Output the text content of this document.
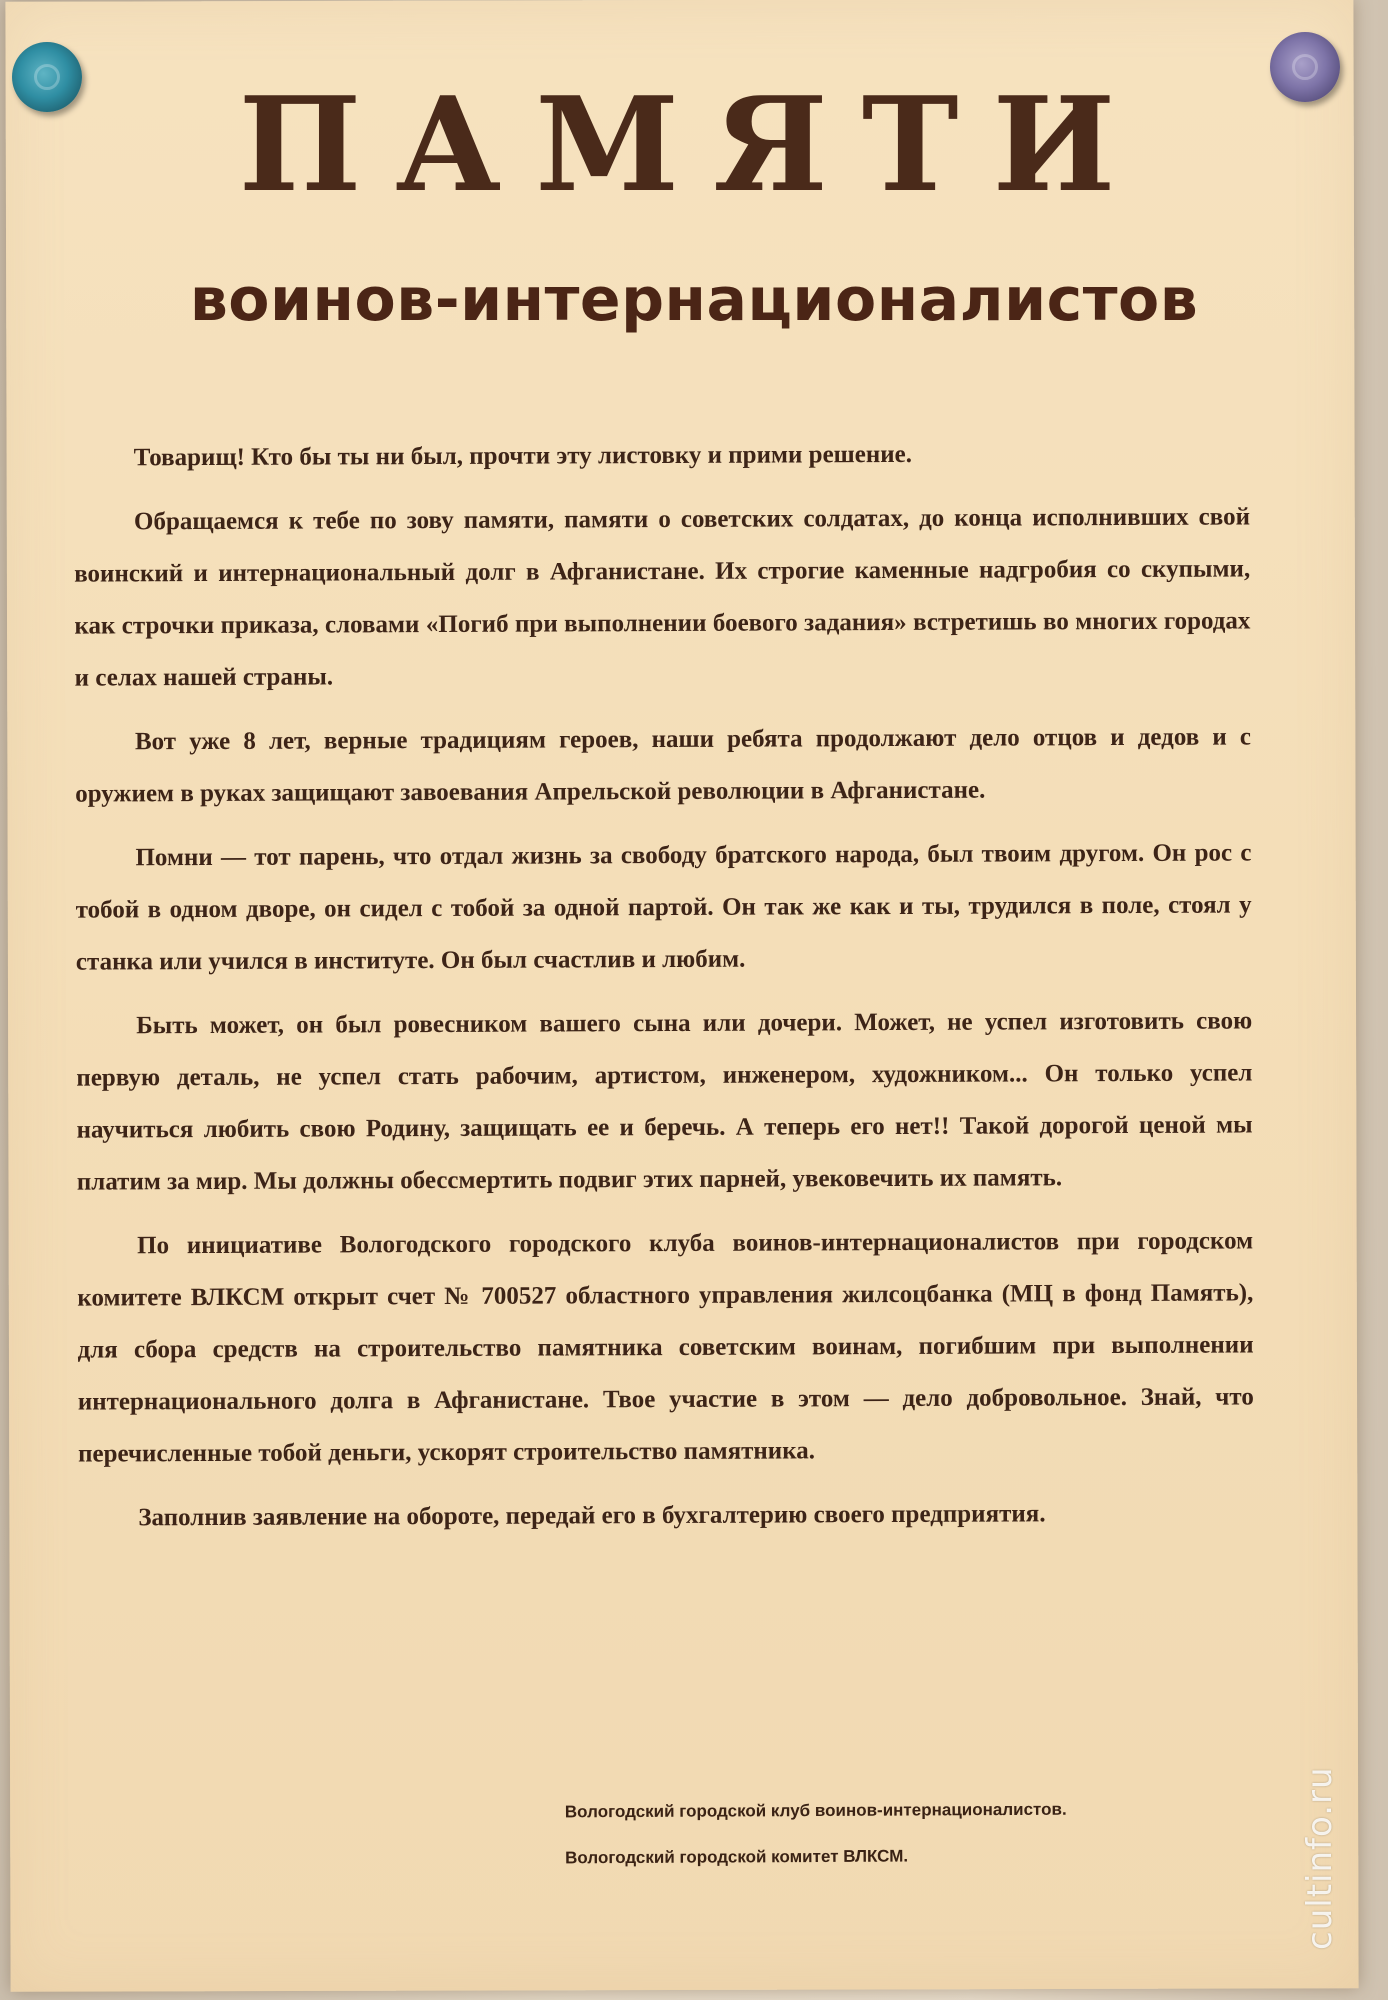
ПАМЯТИ
воинов-интернационалистов

Товарищ! Кто бы ты ни был, прочти эту листовку и прими решение.

Обращаемся к тебе по зову памяти, памяти о советских солдатах, до конца исполнивших свой воинский и интернациональный долг в Афганистане. Их строгие каменные надгробия со скупыми, как строчки приказа, словами «Погиб при выполнении боевого задания» встретишь во многих городах и селах нашей страны.

Вот уже 8 лет, верные традициям героев, наши ребята продолжают дело отцов и дедов и с оружием в руках защищают завоевания Апрельской революции в Афганистане.

Помни — тот парень, что отдал жизнь за свободу братского народа, был твоим другом. Он рос с тобой в одном дворе, он сидел с тобой за одной партой. Он так же как и ты, трудился в поле, стоял у станка или учился в институте. Он был счастлив и любим.

Быть может, он был ровесником вашего сына или дочери. Может, не успел изготовить свою первую деталь, не успел стать рабочим, артистом, инженером, художником... Он только успел научиться любить свою Родину, защищать ее и беречь. А теперь его нет!! Такой дорогой ценой мы платим за мир. Мы должны обессмертить подвиг этих парней, увековечить их память.

По инициативе Вологодского городского клуба воинов-интернационалистов при городском комитете ВЛКСМ открыт счет № 700527 областного управления жилсоцбанка (МЦ в фонд Память), для сбора средств на строительство памятника советским воинам, погибшим при выполнении интернационального долга в Афганистане. Твое участие в этом — дело добровольное. Знай, что перечисленные тобой деньги, ускорят строительство памятника.

Заполнив заявление на обороте, передай его в бухгалтерию своего предприятия.

Вологодский городской клуб воинов-интернационалистов.
Вологодский городской комитет ВЛКСМ.	cultinfo.ru
